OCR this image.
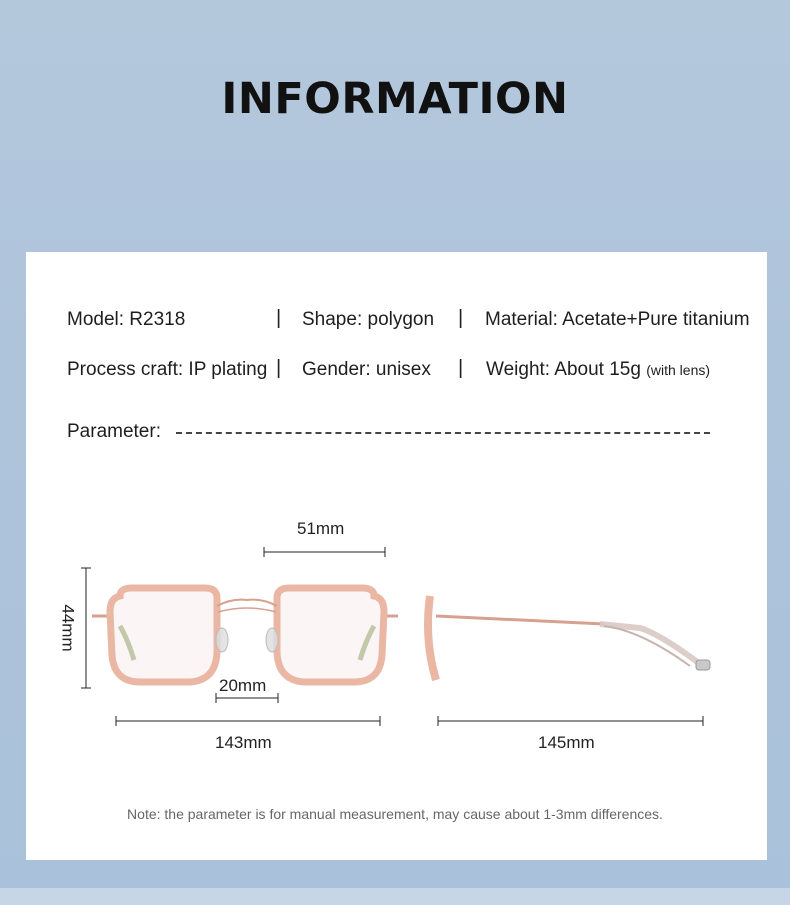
INFORMATION
Model: R2318	| Shape: polygon | Material: Acetate+Pure titanium
Process craft: IP plating | Gender: unisex | Weight: About 15g (with lens)
Parameter:
51mm
44mm
20mm
143mm	145mm
Note: the parameter is for manual measurement, may cause about 1-3mm differences.
